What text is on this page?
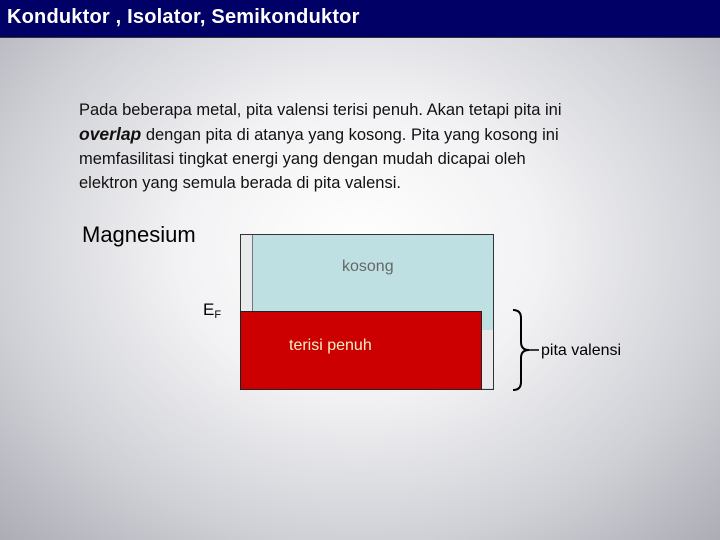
Konduktor , Isolator, Semikonduktor
Pada beberapa metal, pita valensi terisi penuh. Akan tetapi pita ini
overlap dengan pita di atanya yang kosong. Pita yang kosong ini
memfasilitasi tingkat energi yang dengan mudah dicapai oleh
elektron yang semula berada di pita valensi.
Magnesium
kosong
$E_F$
terisi penuh	pita valensi
